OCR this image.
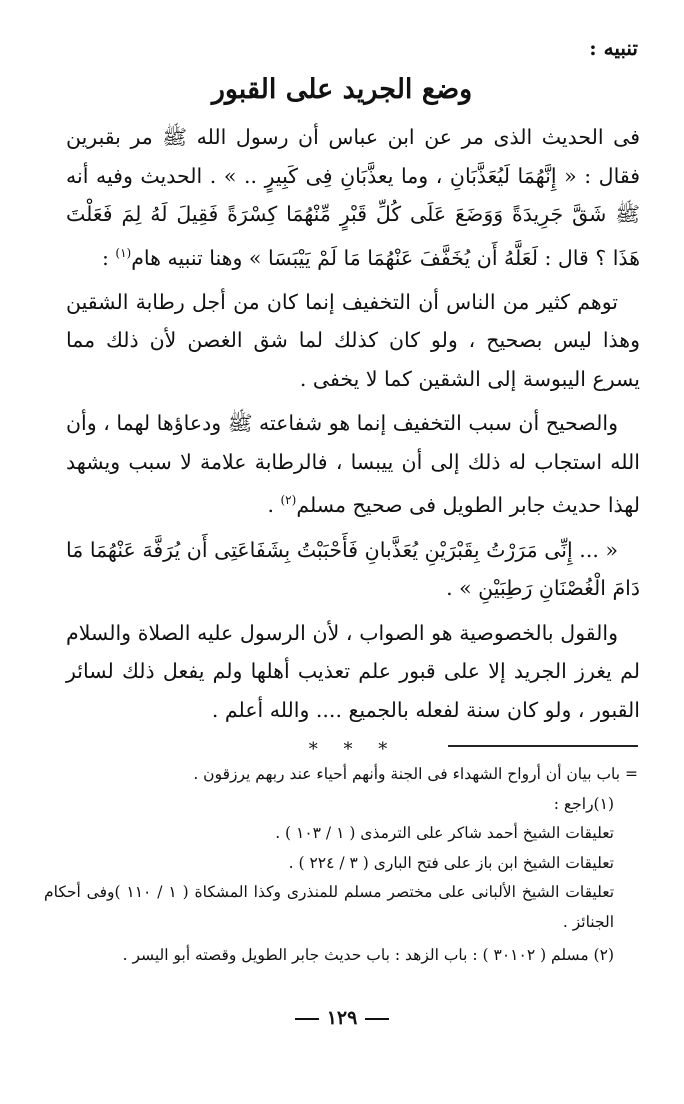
تنبيه :
وضع الجريد على القبور

فى الحديث الذى مر عن ابن عباس أن رسول الله ﷺ مر بقبرين فقال : « إِنَّهُمَا لَيُعَذَّبَانِ ، وما يعذَّبَانِ فِى كَبِيرٍ .. » . الحديث وفيه أنه ﷺ شَقَّ جَرِيدَةً وَوَضَعَ عَلَى كُلِّ قَبْرٍ مِّنْهُمَا كِسْرَةً فَقِيلَ لَهُ لِمَ فَعَلْتَ هَذَا ؟ قال : لَعَلَّهُ أَن يُخَفَّفَ عَنْهُمَا مَا لَمْ يَيْبَسَا » وهنا تنبيه هام$^{(١)}$ :

توهم كثير من الناس أن التخفيف إنما كان من أجل رطابة الشقين وهذا ليس بصحيح ، ولو كان كذلك لما شق الغصن لأن ذلك مما يسرع اليبوسة إلى الشقين كما لا يخفى .

والصحيح أن سبب التخفيف إنما هو شفاعته ﷺ ودعاؤها لهما ، وأن الله استجاب له ذلك إلى أن ييبسا ، فالرطابة علامة لا سبب ويشهد لهذا حديث جابر الطويل فى صحيح مسلم$^{(٢)}$ .

« ... إِنِّى مَرَرْتُ بِقَبْرَيْنِ يُعَذَّبانِ فَأَحْبَبْتُ بِشَفَاعَتِى أَن يُرَفَّهَ عَنْهُمَا مَا دَامَ الْغُصْنَانِ رَطِبَيْنِ » .

والقول بالخصوصية هو الصواب ، لأن الرسول عليه الصلاة والسلام لم يغرز الجريد إلا على قبور علم تعذيب أهلها ولم يفعل ذلك لسائر القبور ، ولو كان سنة لفعله بالجميع .... والله أعلم .

* * *

= باب بيان أن أرواح الشهداء فى الجنة وأنهم أحياء عند ربهم يرزقون .

(١)راجع :

تعليقات الشيخ أحمد شاكر على الترمذى ( ١ / ١٠٣ ) .

تعليقات الشيخ ابن باز على فتح البارى ( ٣ / ٢٢٤ ) .

تعليقات الشيخ الألبانى على مختصر مسلم للمنذرى وكذا المشكاة ( ١ / ١١٠ )وفى أحكام الجنائز .

(٢) مسلم ( ٣٠١٠٢ ) : باب الزهد : باب حديث جابر الطويل وقصته أبو اليسر .

١٢٩
